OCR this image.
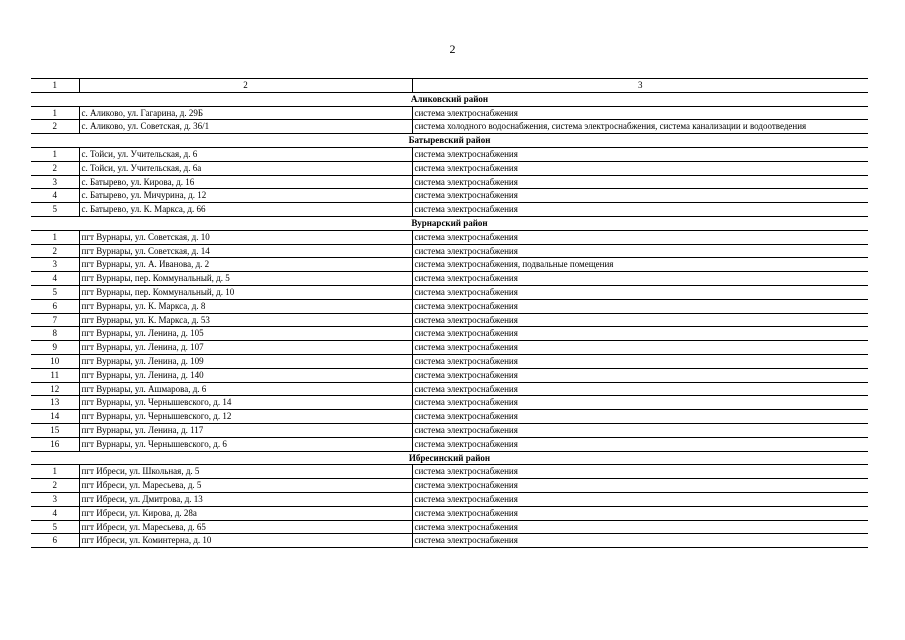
2
1	2	3
Аликовский район		
1	с. Аликово, ул. Гагарина, д. 29Б	система электроснабжения
2	с. Аликово, ул. Советская, д. 36/1	система холодного водоснабжения, система электроснабжения, система канализации и водоотведения
Батыревский район		
1	с. Тойси, ул. Учительская, д. 6	система электроснабжения
2	с. Тойси, ул. Учительская, д. 6а	система электроснабжения
3	с. Батырево, ул. Кирова, д. 16	система электроснабжения
4	с. Батырево, ул. Мичурина, д. 12	система электроснабжения
5	с. Батырево, ул. К. Маркса, д. 66	система электроснабжения
Вурнарский район		
1	пгт Вурнары, ул. Советская, д. 10	система электроснабжения
2	пгт Вурнары, ул. Советская, д. 14	система электроснабжения
3	пгт Вурнары, ул. А. Иванова, д. 2	система электроснабжения, подвальные помещения
4	пгт Вурнары, пер. Коммунальный, д. 5	система электроснабжения
5	пгт Вурнары, пер. Коммунальный, д. 10	система электроснабжения
6	пгт Вурнары, ул. К. Маркса, д. 8	система электроснабжения
7	пгт Вурнары, ул. К. Маркса, д. 53	система электроснабжения
8	пгт Вурнары, ул. Ленина, д. 105	система электроснабжения
9	пгт Вурнары, ул. Ленина, д. 107	система электроснабжения
10	пгт Вурнары, ул. Ленина, д. 109	система электроснабжения
11	пгт Вурнары, ул. Ленина, д. 140	система электроснабжения
12	пгт Вурнары, ул. Ашмарова, д. 6	система электроснабжения
13	пгт Вурнары, ул. Чернышевского, д. 14	система электроснабжения
14	пгт Вурнары, ул. Чернышевского, д. 12	система электроснабжения
15	пгт Вурнары, ул. Ленина, д. 117	система электроснабжения
16	пгт Вурнары, ул. Чернышевского, д. 6	система электроснабжения
Ибресинский район		
1	пгт Ибреси, ул. Школьная, д. 5	система электроснабжения
2	пгт Ибреси, ул. Маресьева, д. 5	система электроснабжения
3	пгт Ибреси, ул. Дмитрова, д. 13	система электроснабжения
4	пгт Ибреси, ул. Кирова, д. 28а	система электроснабжения
5	пгт Ибреси, ул. Маресьева, д. 65	система электроснабжения
6	пгт Ибреси, ул. Коминтерна, д. 10	система электроснабжения
